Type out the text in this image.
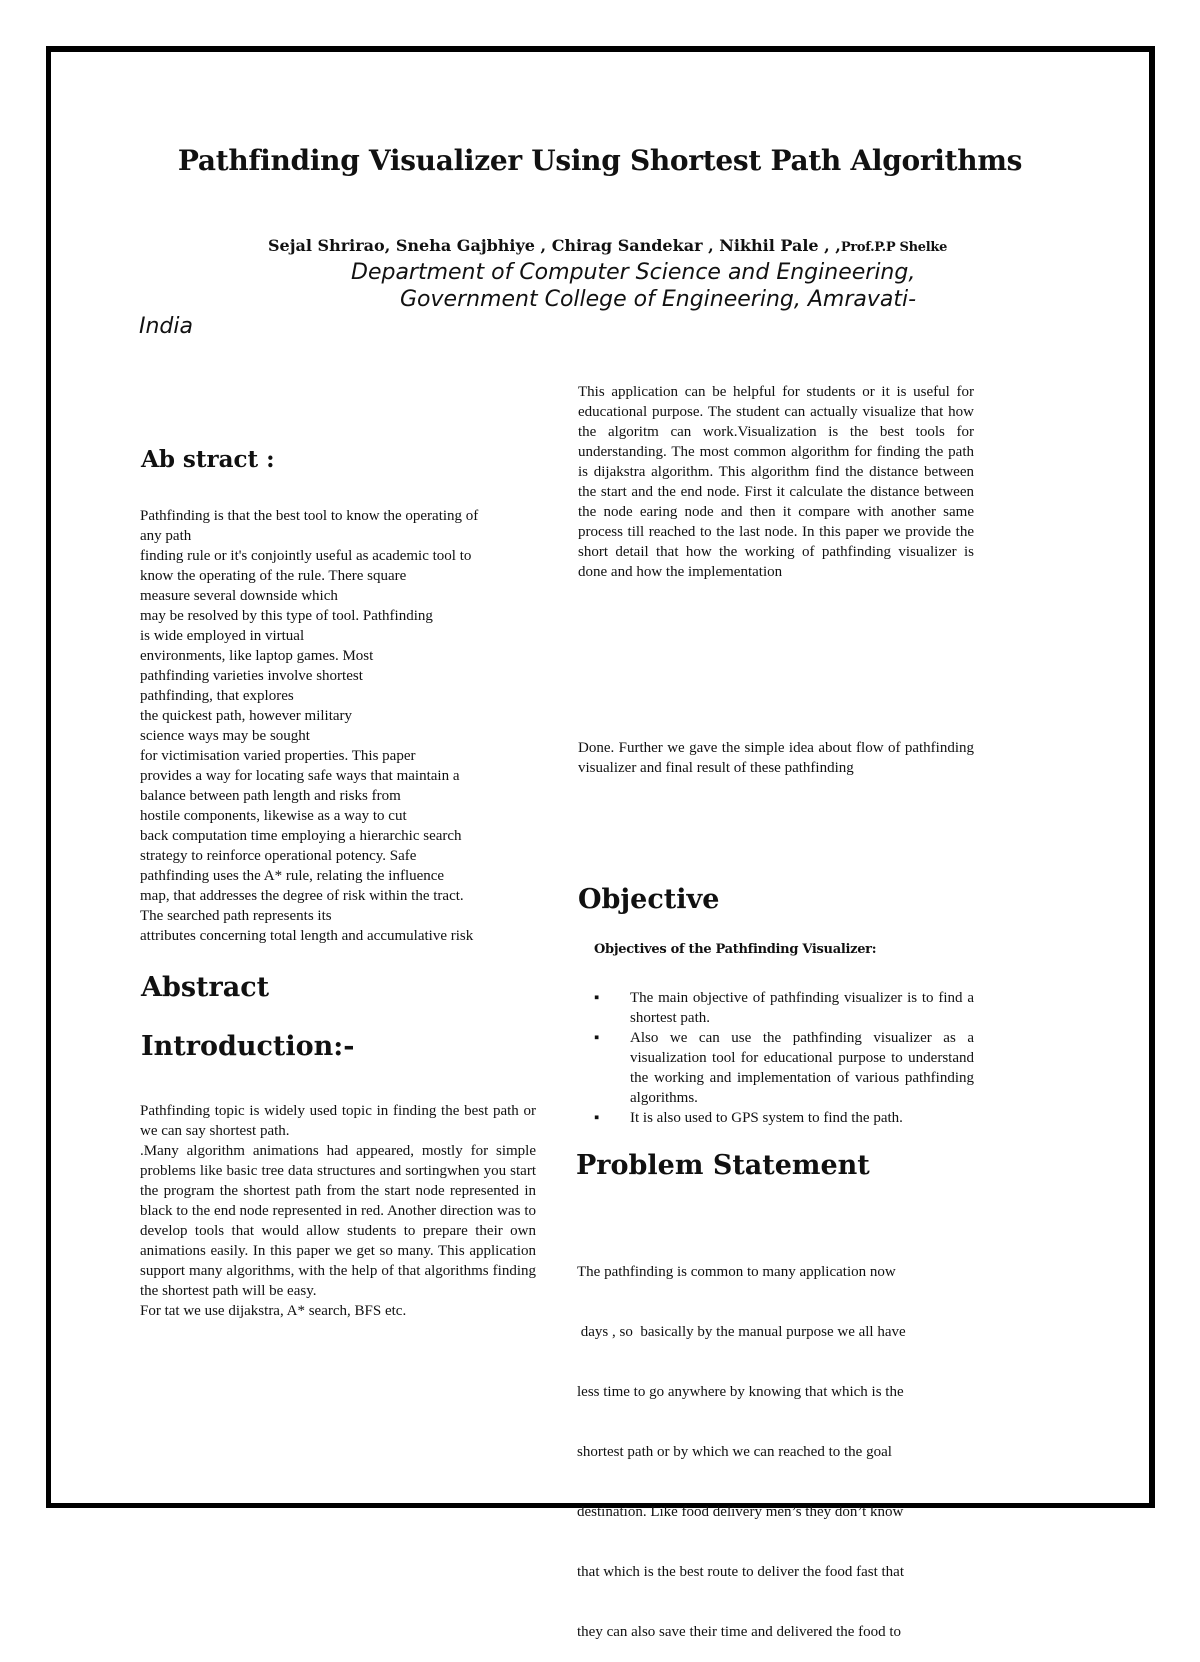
Pathfinding Visualizer Using Shortest Path Algorithms
Sejal Shrirao, Sneha Gajbhiye , Chirag Sandekar , Nikhil Pale , ,Prof.P.P Shelke
Department of Computer Science and Engineering,
Government College of Engineering, Amravati-
India
Ab stract :

Pathfinding is that the best tool to know the operating of

any path

finding rule or it's conjointly useful as academic tool to

know the operating of the rule. There square

measure several downside which

may be resolved by this type of tool. Pathfinding

is wide employed in virtual

environments, like laptop games. Most

pathfinding varieties involve shortest

pathfinding, that explores

the quickest path, however military

science ways may be sought

for victimisation varied properties. This paper

provides a way for locating safe ways that maintain a

balance between path length and risks from

hostile components, likewise as a way to cut

back computation time employing a hierarchic search

strategy to reinforce operational potency. Safe

pathfinding uses the A* rule, relating the influence

map, that addresses the degree of risk within the tract.

The searched path represents its

attributes concerning total length and accumulative risk

Abstract
Introduction:-

Pathfinding topic is widely used topic in finding the best path or we can say shortest path.

.Many algorithm animations had appeared, mostly for simple problems like basic tree data structures and sortingwhen you start the program the shortest path from the start node represented in black to the end node represented in red. Another direction was to develop tools that would allow students to prepare their own animations easily. In this paper we get so many. This application support many algorithms, with the help of that algorithms finding the shortest path will be easy.

For tat we use dijakstra, A* search, BFS etc.

This application can be helpful for students or it is useful for educational purpose. The student can actually visualize that how the algoritm can work.Visualization is the best tools for understanding. The most common algorithm for finding the path is dijakstra algorithm. This algorithm find the distance between the start and the end node. First it calculate the distance between the node earing node and then it compare with another same process till reached to the last node. In this paper we provide the short detail that how the working of pathfinding visualizer is done and how the implementation
Done. Further we gave the simple idea about flow of pathfinding visualizer and final result of these pathfinding
Objective
Objectives of the Pathfinding Visualizer:
▪ The main objective of pathfinding visualizer is to find a shortest path.
▪ Also we can use the pathfinding visualizer as a visualization tool for educational purpose to understand the working and implementation of various pathfinding algorithms.
▪ It is also used to GPS system to find the path.
Problem Statement

The pathfinding is common to many application now

days , so  basically by the manual purpose we all have

less time to go anywhere by knowing that which is the

shortest path or by which we can reached to the goal

destination. Like food delivery men’s they don’t know

that which is the best route to deliver the food fast that

they can also save their time and delivered the food to
